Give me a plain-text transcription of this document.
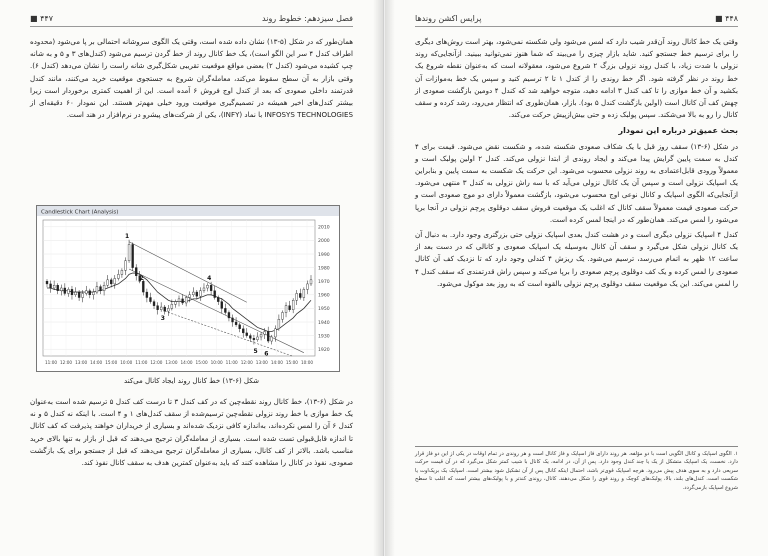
فصل سیزدهم: خطوط روند
۴۴۷ ■

همان‌طور که در شکل (۵-۱۳) نشان داده شده است، وقتی یک الگوی سروشانه احتمالی بر پا می‌شود (محدوده اطراف کندل ۴ سر این الگو است)، یک خط کانال روند از خط گردن ترسیم می‌شود (کندل‌های ۳ و ۵ و به شانه چپ کشیده می‌شود (کندل ۲) بعضی مواقع موقعیت تقریبی شکل‌گیری شانه راست را نشان می‌دهد (کندل ۶). وقتی بازار به آن سطح سقوط می‌کند، معامله‌گران شروع به جستجوی موقعیت خرید می‌کنند، مانند کندل قدرتمند داخلی صعودی که بعد از کندل اوج فروش ۶ آمده است. این از اهمیت کمتری برخوردار است زیرا بیشتر کندل‌های اخیر همیشه در تصمیم‌گیری موقعیت ورود خیلی مهم‌تر هستند. این نمودار ۶۰ دقیقه‌ای از INFOSYS TECHNOLOGIES با نماد (INFY)، یکی از شرکت‌های پیشرو در نرم‌افزار در هند است.

Candlestick Chart (Analysis)
1
2
3
4
5 6
2010
2000
1990
1980
1970
1960
1950
1940
1930
1920
11:00 12:00 13:00 14:00 15:00 10:00 11:00 12:00 13:00 14:00 15:00 10:00 11:00 12:00 13:00 14:00 15:00 10:00
شکل (۶-۱۳) خط کانال روند ایجاد کانال می‌کند

در شکل (۶-۱۳)، خط کانال روند نقطه‌چین که در کف کندل ۳ تا درست کف کندل ۵ ترسیم شده است به‌عنوان یک خط موازی با خط روند نزولی نقطه‌چین ترسیم‌شده از سقف کندل‌های ۱ و ۴ است. با اینکه نه کندل ۵ و نه کندل ۶ آن را لمس نکرده‌اند، به‌اندازه کافی نزدیک شده‌اند و بسیاری از خریداران خواهند پذیرفت که کف کانال تا اندازه قابل‌قبولی تست شده است. بسیاری از معامله‌گران ترجیح می‌دهند که قبل از بازار به تنها بالای خرید مناسب باشد. بالاتر از کف کانال، بسیاری از معامله‌گران ترجیح می‌دهند که قبل از جستجو برای یک بازگشت صعودی، نفوذ در کانال را مشاهده کنند که باید به‌عنوان کمترین هدف به سقف کانال نفوذ کند.

۴۴۸ ■
پرایس اکشن روندها

وقتی یک خط کانال روند آن‌قدر شیب دارد که لمس می‌شود ولی شکسته نمی‌شود، بهتر است روش‌های دیگری را برای ترسیم خط جستجو کنید. شاید بازار چیزی را می‌بیند که شما هنوز نمی‌توانید ببینید. ازآنجایی‌که روند نزولی با شدت زیاد، با کندل روند نزولی بزرگ ۲ شروع می‌شود، معقولانه است که به‌عنوان نقطه شروع یک خط روند در نظر گرفته شود. اگر خط روندی را از کندل ۱ تا ۲ ترسیم کنید و سپس یک خط به‌موازات آن بکشید و آن خط موازی را تا کف کندل ۳ ادامه دهید، متوجه خواهید شد که کندل ۴ دومین بازگشت صعودی از چهش کف آن کانال است (اولین بازگشت کندل ۵ بود). بازار، همان‌طوری که انتظار می‌رود، رشد کرده و سقف کانال را رو به بالا می‌شکند. سپس پولبک زده و حتی بیش‌ازپیش حرکت می‌کند.

بحث عمیق‌تر درباره این نمودار

در شکل (۶-۱۳) سقف روز قبل با یک شکاف صعودی شکسته شده، و شکست نقض می‌شود. قیمت برای ۴ کندل به سمت پایین گرایش پیدا می‌کند و ایجاد روندی از ابتدا نزولی می‌کند. کندل ۲ اولین پولبک است و معمولاً ورودی قابل‌اعتمادی به روند نزولی محسوب می‌شود. این حرکت یک شکست به سمت پایین و بنابراین یک اسپایک نزولی است و سپس آن یک کانال نزولی می‌آید که با سه راش نزولی به کندل ۳ منتهی می‌شود. ازآنجایی‌که الگوی اسپایک و کانال نوعی اوج محسوب می‌شود، بازگشت معمولاً دارای دو موج صعودی است و حرکت صعودی قیمت معمولاً سقف کانال که اغلب یک موقعیت فروش سقف دوقلوی پرچم نزولی در آنجا برپا می‌شود را لمس می‌کند. همان‌طور که در اینجا لمس کرده است.

کندل ۴ اسپایک نزولی دیگری است و در هشت کندل بعدی اسپایک نزولی حتی بزرگتری وجود دارد. به دنبال آن یک کانال نزولی شکل می‌گیرد و سقف آن کانال به‌وسیله یک اسپایک صعودی و کانالی که در دست بعد از ساعت ۱۲ ظهر به اتمام می‌رسد، ترسیم می‌شود. یک ریزش ۴ کندلی وجود دارد که تا نزدیک کف آن کانال صعودی را لمس کرده و یک کف دوقلوی پرچم صعودی را برپا می‌کند و سپس راش قدرتمندی که سقف کندل ۴ را لمس می‌کند. این یک موقعیت سقف دوقلوی پرچم نزولی بالقوه است که به روز بعد موکول می‌شود.

۱. الگوی اسپایک و کانال الگویی است با دو مؤلفه. هر روند دارای فاز اسپایک و فاز کانال است و هر روندی در تمام اوقات در یکی از این دو فاز قرار دارد. نخست، یک اسپایک متشکل از یک یا چند کندل وجود دارد. پس از آن، در ادامه، یک کانال با شیب کمتر شکل می‌گیرد که در آن قیمت حرکت سریعی دارد و به سوی هدف پیش می‌رود. هرچه اسپایک قوی‌تر باشد، احتمال اینکه کانال پس از آن تشکیل شود بیشتر است. اسپایک یک بریک‌اوت یا شکست است. کندل‌های بلند، بالا، پولبک‌های کوچک و روند قوی را شکل می‌دهند. کانال، روندی کندتر و با پولبک‌های بیشتر است که اغلب تا سطح شروع اسپایک بازمی‌گردد.
